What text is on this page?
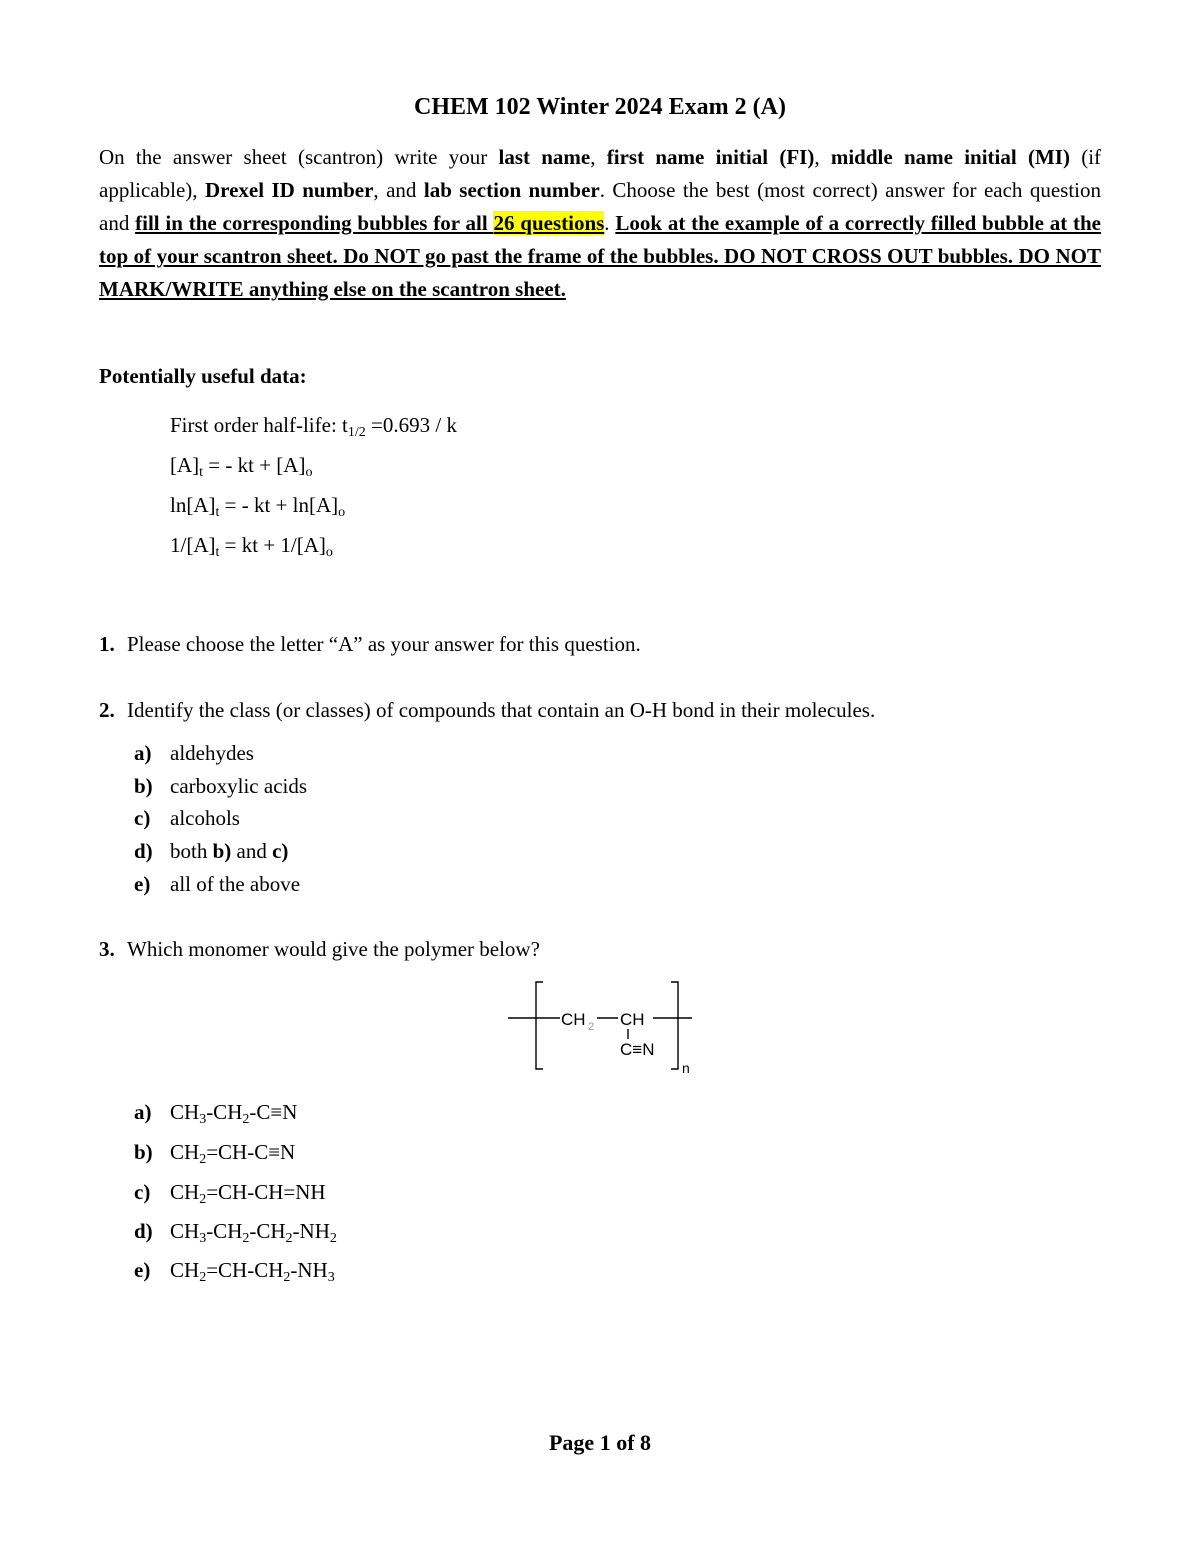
CHEM 102 Winter 2024 Exam 2 (A)
On the answer sheet (scantron) write your last name, first name initial (FI), middle name initial (MI) (if applicable), Drexel ID number, and lab section number. Choose the best (most correct) answer for each question and fill in the corresponding bubbles for all 26 questions. Look at the example of a correctly filled bubble at the top of your scantron sheet. Do NOT go past the frame of the bubbles. DO NOT CROSS OUT bubbles. DO NOT MARK/WRITE anything else on the scantron sheet.
Potentially useful data:
First order half-life: $t_{1/2} =0.693 / k$
$[A]_t$ = - kt + $[A]_o$
$\ln[A]_t$ = - kt + $\ln[A]_o$
$1/[A]_t$ = kt + $1/[A]_o$
1. Please choose the letter “A” as your answer for this question.
2. Identify the class (or classes) of compounds that contain an O-H bond in their molecules.
a) aldehydes
b) carboxylic acids
c) alcohols
d) both b) and c)
e) all of the above
3. Which monomer would give the polymer below?
CH 2 CH
C≡N
n
a) $CH_3-CH_2-C\equiv N$
b) $CH_2=CH-C\equiv N$
c) $CH_2=CH-CH=NH$
d) $CH_3-CH_2-CH_2-NH_2$
e) $CH_2=CH-CH_2-NH_3$
Page 1 of 8
